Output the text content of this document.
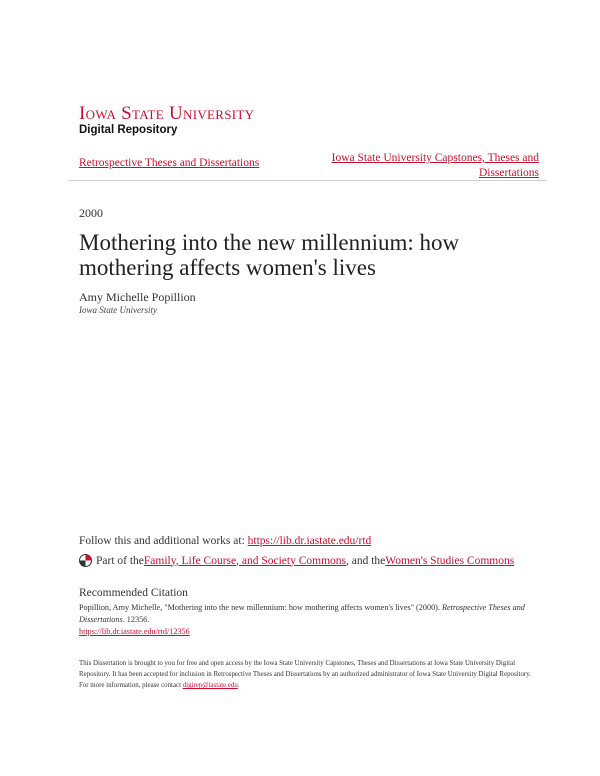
Iowa State University
Digital Repository
Retrospective Theses and Dissertations	Iowa State University Capstones, Theses and Dissertations
2000
Mothering into the new millennium: how mothering affects women's lives
Amy Michelle Popillion
Iowa State University
Follow this and additional works at: https://lib.dr.iastate.edu/rtd
Part of the Family, Life Course, and Society Commons , and the Women's Studies Commons
Recommended Citation
Popillion, Amy Michelle, "Mothering into the new millennium: how mothering affects women's lives" (2000). Retrospective Theses and Dissertations. 12356.
https://lib.dr.iastate.edu/rtd/12356
This Dissertation is brought to you for free and open access by the Iowa State University Capstones, Theses and Dissertations at Iowa State University Digital Repository. It has been accepted for inclusion in Retrospective Theses and Dissertations by an authorized administrator of Iowa State University Digital Repository. For more information, please contact digirep@iastate.edu.
